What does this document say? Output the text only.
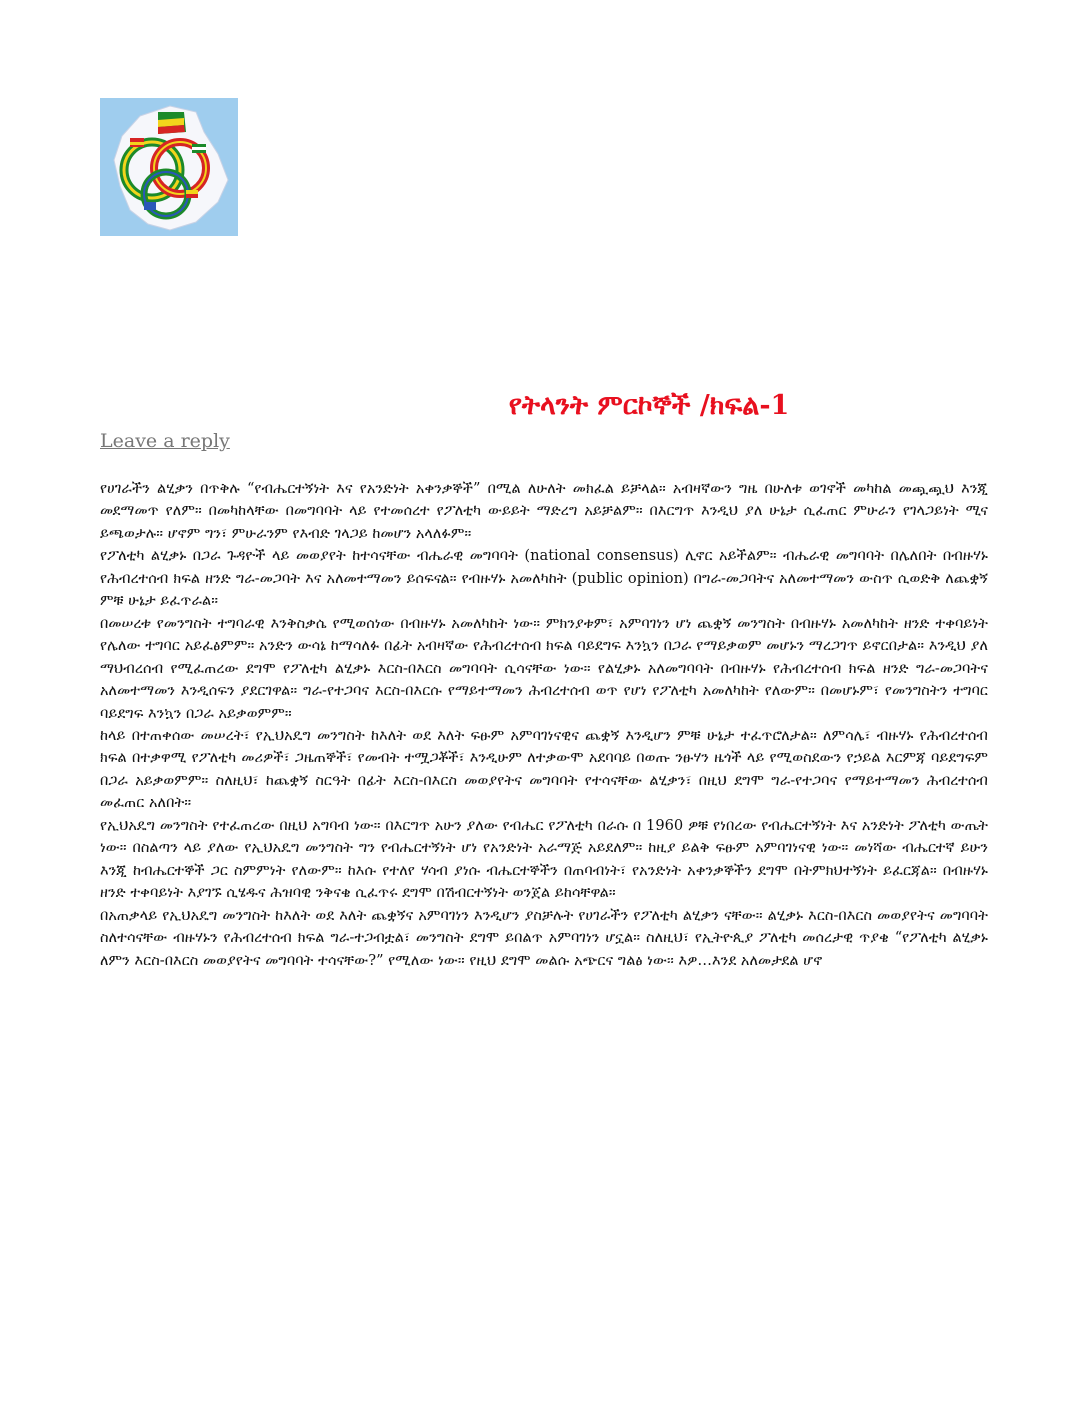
የትላንት ምርኮኞች /ክፍል-1
Leave a reply

የሀገራችን ልሂቃን በጥቅሉ “የብሔርተኝነት እና የአንድነት አቀንቃኞች” በሚል ለሁለት መክፈል ይቻላል። አብዛኛውን ግዜ በሁለቱ ወገኖች መካከል መጯጯህ እንጂ መደማመጥ የለም። በመካከላቸው በመግባባት ላይ የተመሰረተ የፖለቲካ ውይይት ማድረግ አይቻልም። በእርግጥ እንዲህ ያለ ሁኔታ ሲፈጠር ምሁራን የገላጋይነት ሚና ይጫወታሉ። ሆኖም ግን፣ ምሁራንም የእብድ ገላጋይ ከመሆን አላለፉም።

የፖለቲካ ልሂቃኑ በጋራ ጉዳዮች ላይ መወያየት ከተሳናቸው ብሔራዊ መግባባት (national consensus) ሊኖር አይችልም። ብሔራዊ መግባባት በሌለበት በብዙሃኑ የሕብረተሰብ ክፍል ዘንድ ግራ-መጋባት እና አለመተማመን ይሰፍናል። የብዙሃኑ አመለካከት (public opinion) በግራ-መጋባትና አለመተማመን ውስጥ ሲወድቅ ለጨቋኝ ምቹ ሁኔታ ይፈጥራል።

በመሠረቱ የመንግስት ተግባራዊ እንቅስቃሴ የሚወሰነው በብዙሃኑ አመለካከት ነው። ምክንያቱም፣ አምባገነን ሆነ ጨቋኝ መንግስት በብዙሃኑ አመለካከት ዘንድ ተቀባይነት የሌለው ተግባር አይፈፅምም። አንድን ውሳኔ ከማሳለፉ በፊት አብዛኛው የሕብረተሰብ ክፍል ባይደግፍ እንኳን በጋራ የማይቃወም መሆኑን ማረጋገጥ ይኖርበታል። እንዲህ ያለ ማህብረሰብ የሚፈጠረው ደግሞ የፖለቲካ ልሂቃኑ እርስ-በእርስ መግባባት ሲሳናቸው ነው። የልሂቃኑ አለመግባባት በብዙሃኑ የሕብረተሰብ ክፍል ዘንድ ግራ-መጋባትና አለመተማመን እንዲሰፍን ያደርገዋል። ግራ-የተጋባና እርስ-በእርሱ የማይተማመን ሕብረተሰብ ወጥ የሆነ የፖለቲካ አመለካከት የለውም። በመሆኑም፣ የመንግስትን ተግባር ባይደግፍ እንኳን በጋራ አይቃወምም።

ከላይ በተጠቀሰው መሠረት፣ የኢህአዴግ መንግስት ከእለት ወደ እለት ፍፁም አምባገነናዊና ጨቋኝ እንዲሆን ምቹ ሁኔታ ተፈጥሮለታል። ለምሳሌ፣ ብዙሃኑ የሕብረተሰብ ክፍል በተቃዋሚ የፖለቲካ መሪዎች፣ ጋዜጠኞች፣ የመብት ተሟጋቾች፣ እንዲሁም ለተቃውሞ አደባባይ በወጡ ንፁሃን ዜጎች ላይ የሚወስደውን የኃይል እርምጃ ባይደግፍም በጋራ አይቃወምም። ስለዚህ፣ ከጨቋኝ ስርዓት በፊት እርስ-በእርስ መወያየትና መግባባት የተሳናቸው ልሂቃን፣ በዚህ ደግሞ ግራ-የተጋባና የማይተማመን ሕብረተሰብ መፈጠር አለበት።

የኢህአዴግ መንግስት የተፈጠረው በዚህ አግባብ ነው። በእርግጥ አሁን ያለው የብሔር የፖለቲካ በራሱ በ 1960 ዎቹ የነበረው የብሔርተኝነት እና አንድነት ፖለቲካ ውጤት ነው። በስልጣን ላይ ያለው የኢህአዴግ መንግስት ግን የብሔርተኝነት ሆነ የአንድነት አራማጅ አይደለም። ከዚያ ይልቅ ፍፁም አምባገነናዊ ነው። መነሻው ብሔርተኛ ይሁን እንጂ ከብሔርተኞች ጋር ስምምነት የለውም። ከእሱ የተለየ ሃሳብ ያነሱ ብሔርተኞችን በጠባብነት፣ የአንድነት አቀንቃኞችን ደግሞ በትምክህተኝነት ይፈርጃል። በብዙሃኑ ዘንድ ተቀባይነት እያገኙ ሲሄዱና ሕዝባዊ ንቅናቄ ሲፈጥሩ ደግሞ በሽብርተኝነት ወንጀል ይከሳቸዋል።

በአጠቃላይ የኢህአዴግ መንግስት ከእለት ወደ እለት ጨቋኝና አምባገነን እንዲሆን ያስቻሉት የሀገራችን የፖለቲካ ልሂቃን ናቸው። ልሂቃኑ እርስ-በእርስ መወያየትና መግባባት ስለተሳናቸው ብዙሃኑን የሕብረተሰብ ክፍል ግራ-ተጋብቷል፣ መንግስት ደግሞ ይበልጥ አምባገነን ሆኗል። ስለዚህ፣ የኢትዮጲያ ፖለቲካ መሰረታዊ ጥያቄ “የፖለቲካ ልሂቃኑ ለምን እርስ-በእርስ መወያየትና መግባባት ተሳናቸው?” የሚለው ነው። የዚህ ደግሞ መልሱ አጭርና ግልፅ ነው፡፡ እዎ…እንደ አለመታደል ሆኖ
